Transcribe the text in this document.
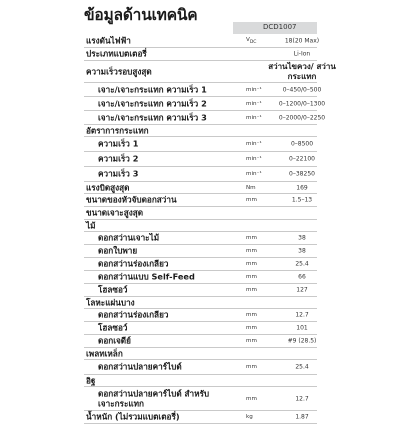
ข้อมูลด้านเทคนิค
DCD1007
แรงดันไฟฟ้า	$V_{DC}$	18(20 Max)
ประเภทแบตเตอรี่	Li-Ion
ความเร็วรอบสูงสุด	สว่านไขควง/ สว่านกระแทก
เจาะ/เจาะกระแทก ความเร็ว 1	min⁻¹	0–450/0–500
เจาะ/เจาะกระแทก ความเร็ว 2	min⁻¹	0–1200/0–1300
เจาะ/เจาะกระแทก ความเร็ว 3	min⁻¹	0–2000/0–2250
อัตราการกระแทก
ความเร็ว 1	min⁻¹	0–8500
ความเร็ว 2	min⁻¹	0–22100
ความเร็ว 3	min⁻¹	0–38250
แรงบิดสูงสุด	Nm	169
ขนาดของหัวจับดอกสว่าน	mm	1.5–13
ขนาดเจาะสูงสุด
ไม้
ดอกสว่านเจาะไม้	mm	38
ดอกใบพาย	mm	38
ดอกสว่านร่องเกลียว	mm	25.4
ดอกสว่านแบบ Self-Feed	mm	66
โฮลซอว์	mm	127
โลหะแผ่นบาง
ดอกสว่านร่องเกลียว	mm	12.7
โฮลซอว์	mm	101
ดอกเจดีย์	mm	#9 (28.5)
เพลทเหล็ก
ดอกสว่านปลายคาร์ไบด์	mm	25.4
อิฐ
ดอกสว่านปลายคาร์ไบด์ สำหรับเจาะกระแทก	mm	12.7
น้ำหนัก (ไม่รวมแบตเตอรี่)	kg	1.87
